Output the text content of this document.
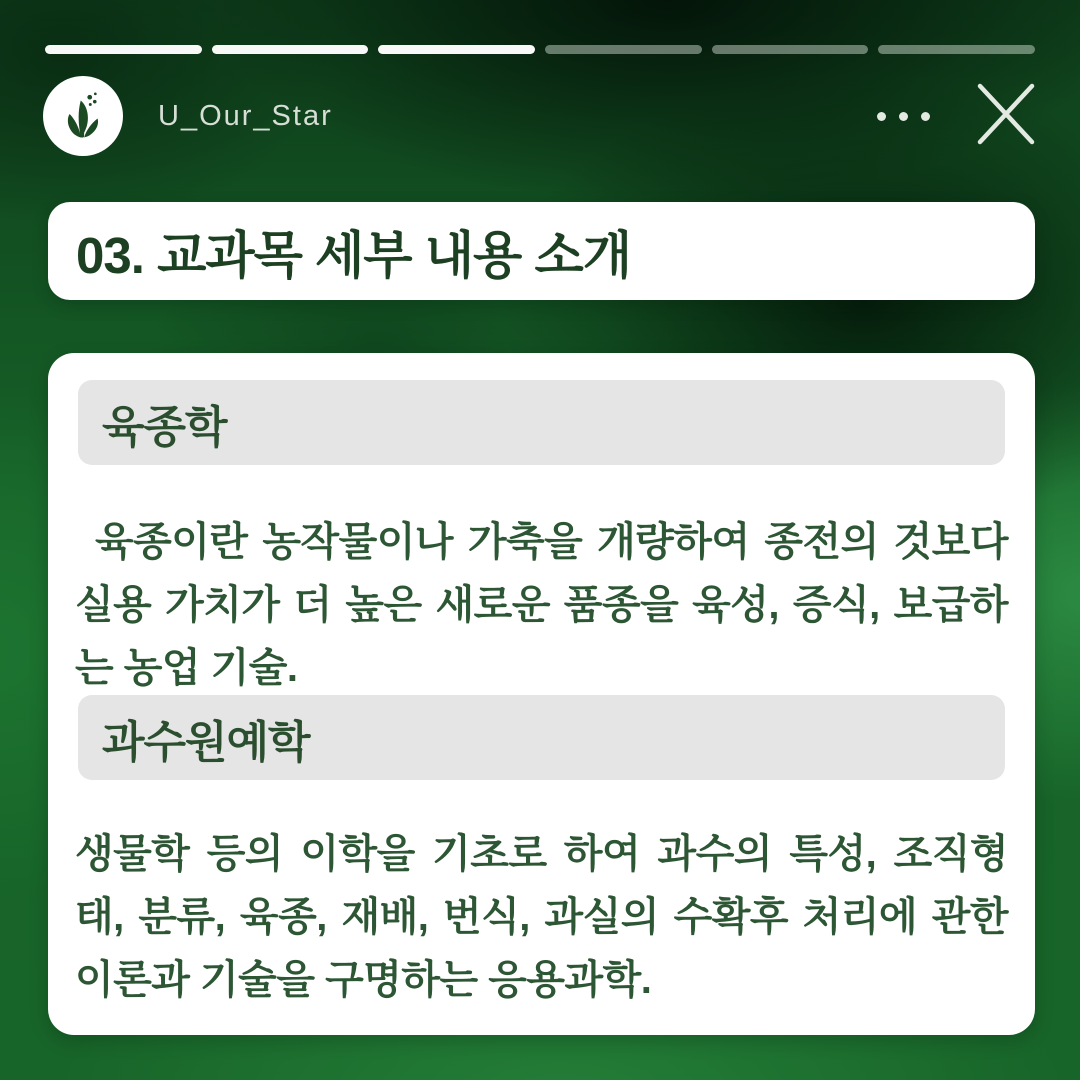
U_Our_Star
03. 교과목 세부 내용 소개
육종학

육종이란 농작물이나 가축을 개량하여 종전의 것보다 실용 가치가 더 높은 새로운 품종을 육성, 증식, 보급하는 농업 기술.

과수원예학

생물학 등의 이학을 기초로 하여 과수의 특성, 조직형태, 분류, 육종, 재배, 번식, 과실의 수확후 처리에 관한 이론과 기술을 구명하는 응용과학.
